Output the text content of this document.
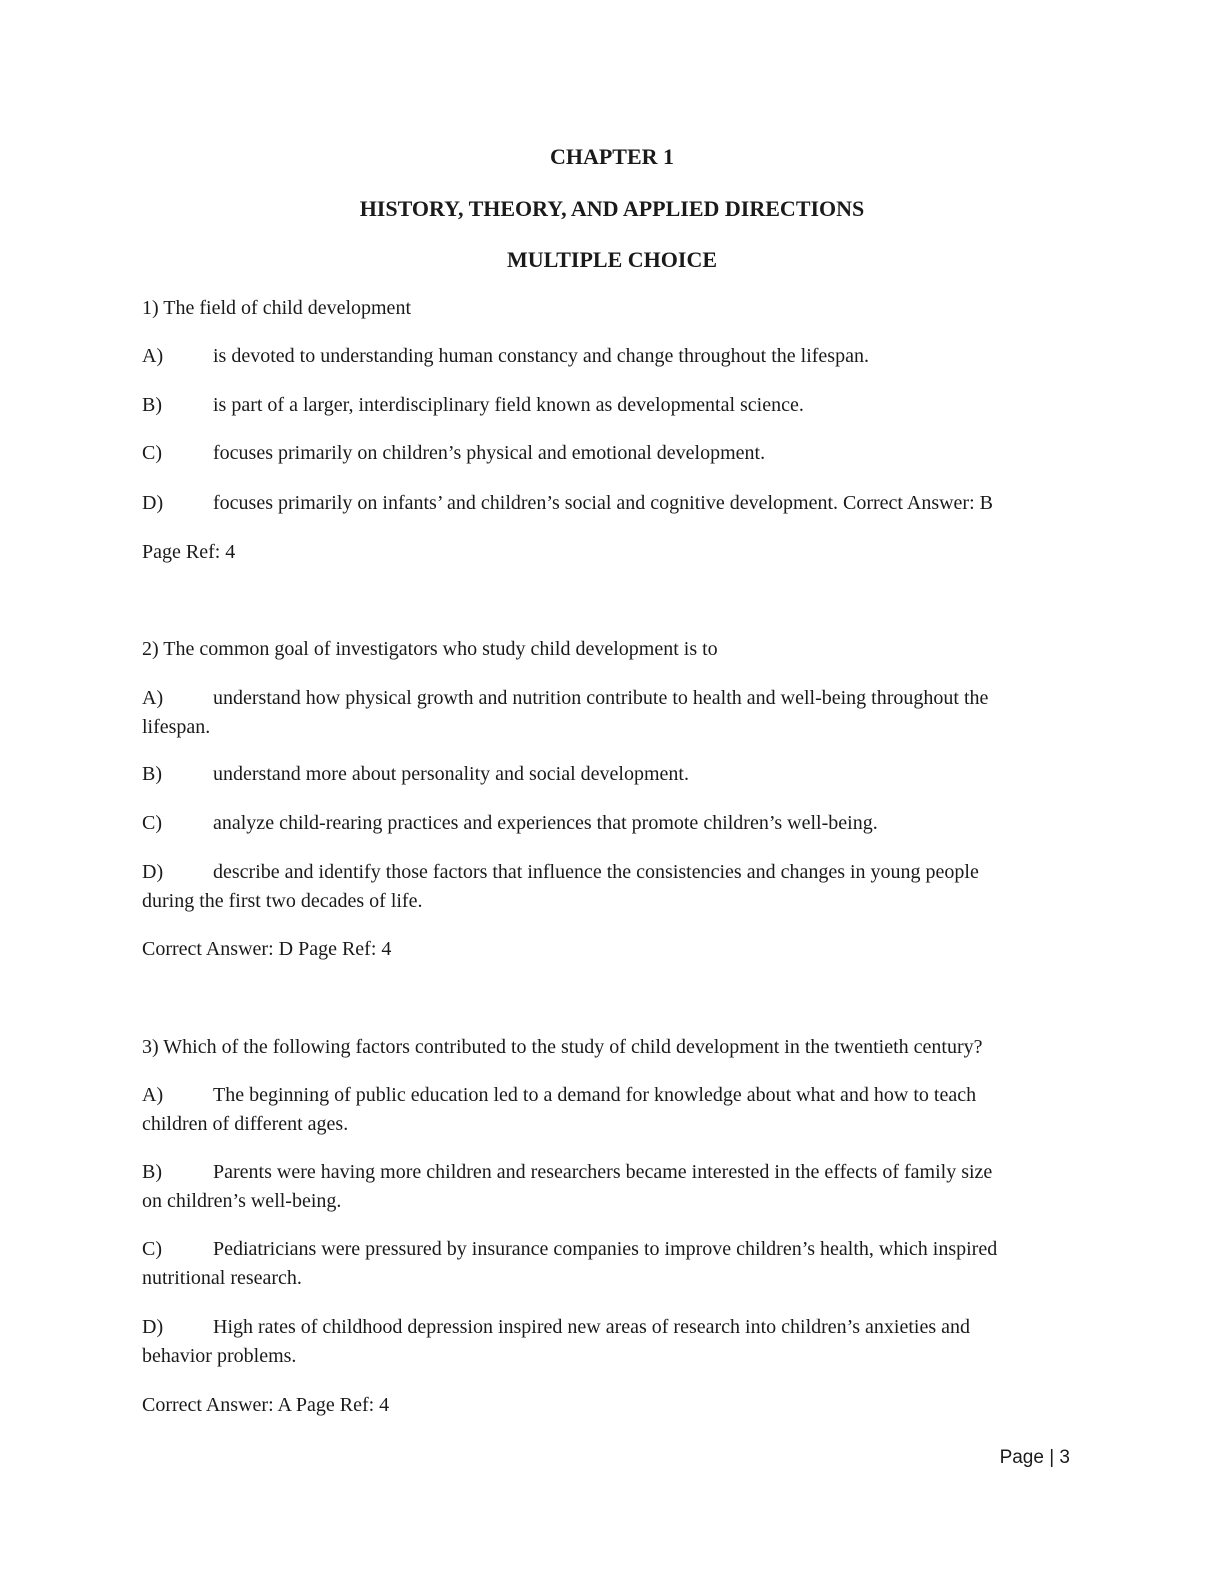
CHAPTER 1
HISTORY, THEORY, AND APPLIED DIRECTIONS
MULTIPLE CHOICE

1) The field of child development

A) is devoted to understanding human constancy and change throughout the lifespan.
B)	is part of a larger, interdisciplinary field known as developmental science.
C)	focuses primarily on children’s physical and emotional development.
D) focuses primarily on infants’ and children’s social and cognitive development. Correct Answer: B

Page Ref: 4

2) The common goal of investigators who study child development is to

A) understand how physical growth and nutrition contribute to health and well-being throughout the
lifespan.
B)	understand more about personality and social development.
C)	analyze child-rearing practices and experiences that promote children’s well-being.
D) describe and identify those factors that influence the consistencies and changes in young people
during the first two decades of life.

Correct Answer: D Page Ref: 4

3) Which of the following factors contributed to the study of child development in the twentieth century?

A) The beginning of public education led to a demand for knowledge about what and how to teach
children of different ages.
B)	Parents were having more children and researchers became interested in the effects of family size
on children’s well-being.
C)	Pediatricians were pressured by insurance companies to improve children’s health, which inspired
nutritional research.
D) High rates of childhood depression inspired new areas of research into children’s anxieties and
behavior problems.

Correct Answer: A Page Ref: 4

Page | 3
